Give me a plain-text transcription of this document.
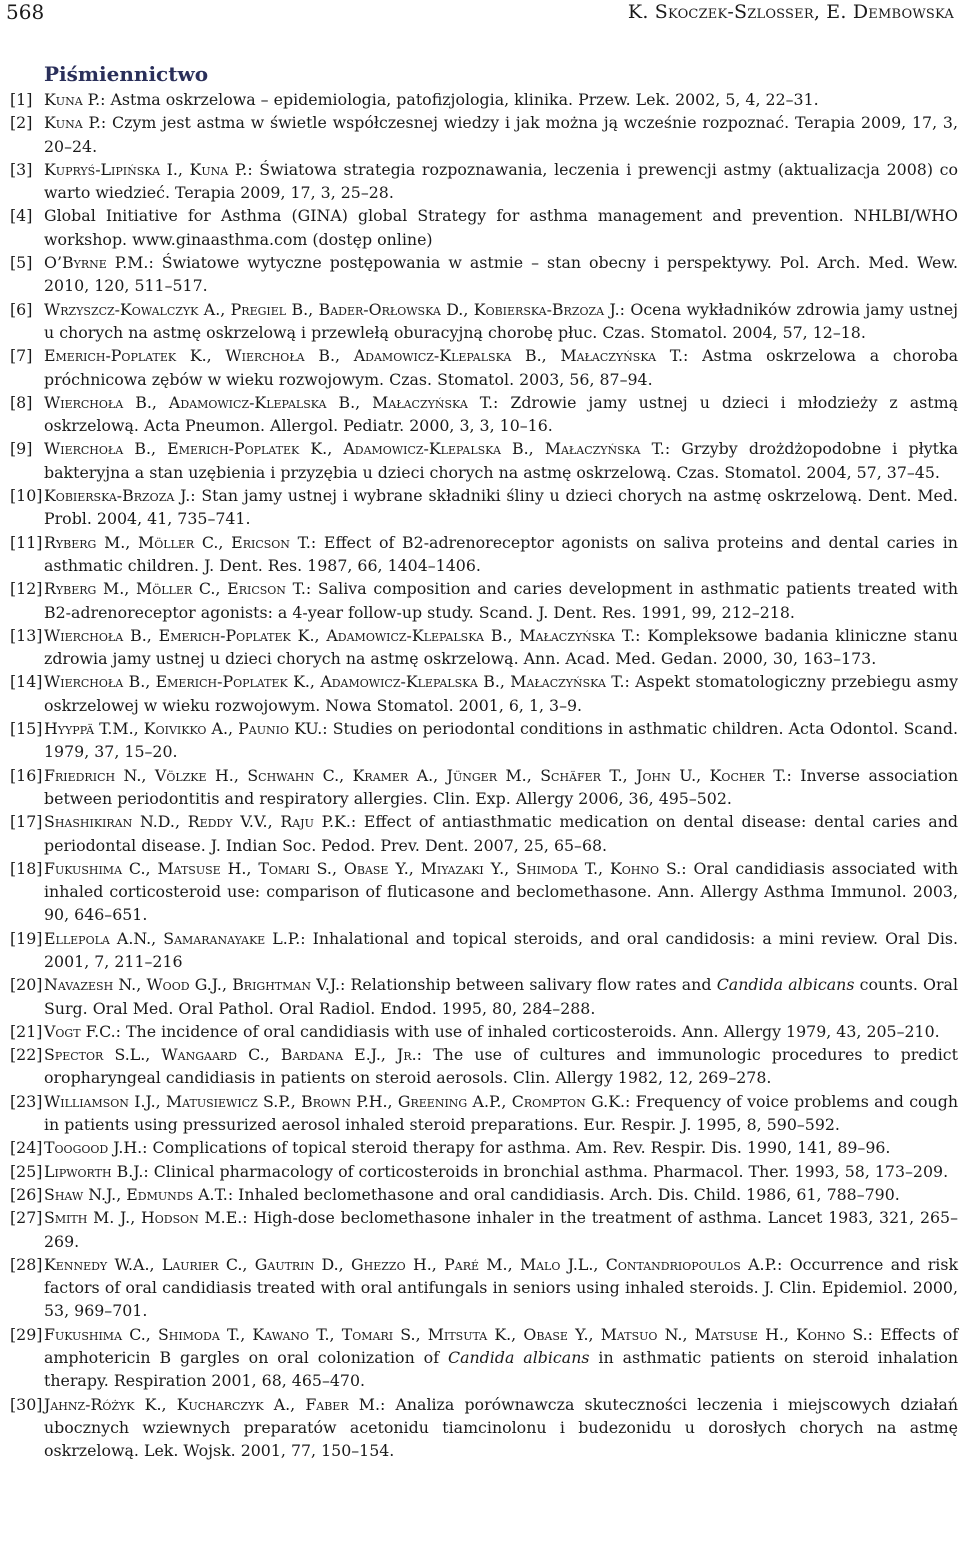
568	K. Skoczek-Szlosser, E. Dembowska
Piśmiennictwo
[1] Kuna P.: Astma oskrzelowa – epidemiologia, patofizjologia, klinika. Przew. Lek. 2002, 5, 4, 22–31.
[2] Kuna P.: Czym jest astma w świetle współczesnej wiedzy i jak można ją wcześnie rozpoznać. Terapia 2009, 17, 3, 20–24.
[3] Kupryś-Lipińska I., Kuna P.: Światowa strategia rozpoznawania, leczenia i prewencji astmy (aktualizacja 2008) co warto wiedzieć. Terapia 2009, 17, 3, 25–28.
[4] Global Initiative for Asthma (GINA) global Strategy for asthma management and prevention. NHLBI/WHO workshop. www.ginaasthma.com (dostęp online)
[5] O’Byrne P.M.: Światowe wytyczne postępowania w astmie – stan obecny i perspektywy. Pol. Arch. Med. Wew. 2010, 120, 511–517.
[6] Wrzyszcz-Kowalczyk A., Pregiel B., Bader-Orłowska D., Kobierska-Brzoza J.: Ocena wykładników zdrowia jamy ustnej u chorych na astmę oskrzelową i przewlełą oburacyjną chorobę płuc. Czas. Stomatol. 2004, 57, 12–18.
[7] Emerich-Poplatek K., Wierchoła B., Adamowicz-Klepalska B., Małaczyńska T.: Astma oskrzelowa a choroba próchnicowa zębów w wieku rozwojowym. Czas. Stomatol. 2003, 56, 87–94.
[8] Wierchoła B., Adamowicz-Klepalska B., Małaczyńska T.: Zdrowie jamy ustnej u dzieci i młodzieży z astmą oskrzelową. Acta Pneumon. Allergol. Pediatr. 2000, 3, 3, 10–16.
[9] Wierchoła B., Emerich-Poplatek K., Adamowicz-Klepalska B., Małaczyńska T.: Grzyby drożdżopodobne i płytka bakteryjna a stan uzębienia i przyzębia u dzieci chorych na astmę oskrzelową. Czas. Stomatol. 2004, 57, 37–45.
[10] Kobierska-Brzoza J.: Stan jamy ustnej i wybrane składniki śliny u dzieci chorych na astmę oskrzelową. Dent. Med. Probl. 2004, 41, 735–741.
[11] Ryberg M., Möller C., Ericson T.: Effect of B2-adrenoreceptor agonists on saliva proteins and dental caries in asthmatic children. J. Dent. Res. 1987, 66, 1404–1406.
[12] Ryberg M., Möller C., Ericson T.: Saliva composition and caries development in asthmatic patients treated with B2-adrenoreceptor agonists: a 4-year follow-up study. Scand. J. Dent. Res. 1991, 99, 212–218.
[13] Wierchoła B., Emerich-Poplatek K., Adamowicz-Klepalska B., Małaczyńska T.: Kompleksowe badania kliniczne stanu zdrowia jamy ustnej u dzieci chorych na astmę oskrzelową. Ann. Acad. Med. Gedan. 2000, 30, 163–173.
[14] Wierchoła B., Emerich-Poplatek K., Adamowicz-Klepalska B., Małaczyńska T.: Aspekt stomatologiczny przebiegu asmy oskrzelowej w wieku rozwojowym. Nowa Stomatol. 2001, 6, 1, 3–9.
[15] Hyyppä T.M., Koivikko A., Paunio KU.: Studies on periodontal conditions in asthmatic children. Acta Odontol. Scand. 1979, 37, 15–20.
[16] Friedrich N., Völzke H., Schwahn C., Kramer A., Jünger M., Schäfer T., John U., Kocher T.: Inverse association between periodontitis and respiratory allergies. Clin. Exp. Allergy 2006, 36, 495–502.
[17] Shashikiran N.D., Reddy V.V., Raju P.K.: Effect of antiasthmatic medication on dental disease: dental caries and periodontal disease. J. Indian Soc. Pedod. Prev. Dent. 2007, 25, 65–68.
[18] Fukushima C., Matsuse H., Tomari S., Obase Y., Miyazaki Y., Shimoda T., Kohno S.: Oral candidiasis associated with inhaled corticosteroid use: comparison of fluticasone and beclomethasone. Ann. Allergy Asthma Immunol. 2003, 90, 646–651.
[19] Ellepola A.N., Samaranayake L.P.: Inhalational and topical steroids, and oral candidosis: a mini review. Oral Dis. 2001, 7, 211–216
[20] Navazesh N., Wood G.J., Brightman V.J.: Relationship between salivary flow rates and Candida albicans counts. Oral Surg. Oral Med. Oral Pathol. Oral Radiol. Endod. 1995, 80, 284–288.
[21] Vogt F.C.: The incidence of oral candidiasis with use of inhaled corticosteroids. Ann. Allergy 1979, 43, 205–210.
[22] Spector S.L., Wangaard C., Bardana E.J., Jr.: The use of cultures and immunologic procedures to predict oropharyngeal candidiasis in patients on steroid aerosols. Clin. Allergy 1982, 12, 269–278.
[23] Williamson I.J., Matusiewicz S.P., Brown P.H., Greening A.P., Crompton G.K.: Frequency of voice problems and cough in patients using pressurized aerosol inhaled steroid preparations. Eur. Respir. J. 1995, 8, 590–592.
[24] Toogood J.H.: Complications of topical steroid therapy for asthma. Am. Rev. Respir. Dis. 1990, 141, 89–96.
[25] Lipworth B.J.: Clinical pharmacology of corticosteroids in bronchial asthma. Pharmacol. Ther. 1993, 58, 173–209.
[26] Shaw N.J., Edmunds A.T.: Inhaled beclomethasone and oral candidiasis. Arch. Dis. Child. 1986, 61, 788–790.
[27] Smith M. J., Hodson M.E.: High-dose beclomethasone inhaler in the treatment of asthma. Lancet 1983, 321, 265–269.
[28] Kennedy W.A., Laurier C., Gautrin D., Ghezzo H., Paré M., Malo J.L., Contandriopoulos A.P.: Occurrence and risk factors of oral candidiasis treated with oral antifungals in seniors using inhaled steroids. J. Clin. Epidemiol. 2000, 53, 969–701.
[29] Fukushima C., Shimoda T., Kawano T., Tomari S., Mitsuta K., Obase Y., Matsuo N., Matsuse H., Kohno S.: Effects of amphotericin B gargles on oral colonization of Candida albicans in asthmatic patients on steroid inhalation therapy. Respiration 2001, 68, 465–470.
[30] Jahnz-Różyk K., Kucharczyk A., Faber M.: Analiza porównawcza skuteczności leczenia i miejscowych działań ubocznych wziewnych preparatów acetonidu tiamcinolonu i budezonidu u dorosłych chorych na astmę oskrzelową. Lek. Wojsk. 2001, 77, 150–154.
